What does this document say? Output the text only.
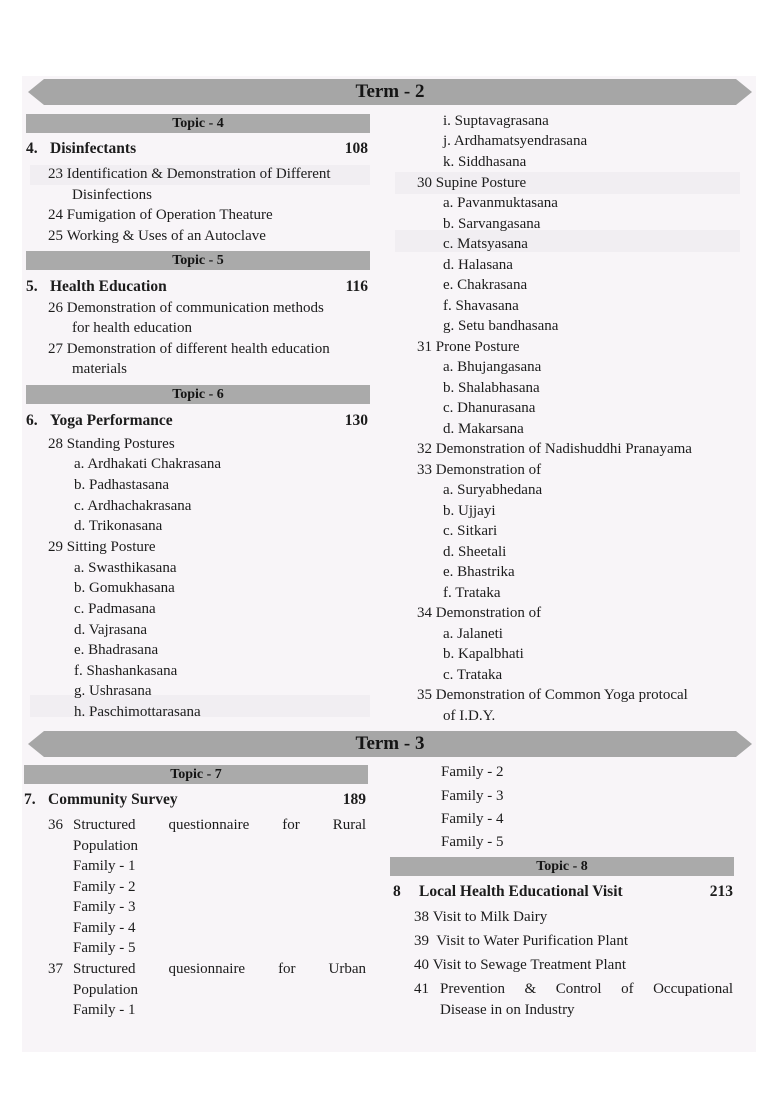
Term - 2
Topic - 4
4. Disinfectants	108
23 Identification & Demonstration of Different
Disinfections
24 Fumigation of Operation Theature
25 Working & Uses of an Autoclave
Topic - 5
5. Health Education	116
26 Demonstration of communication methods
for health education
27 Demonstration of different health education
materials
Topic - 6
6. Yoga Performance	130
28 Standing Postures
a. Ardhakati Chakrasana
b. Padhastasana
c. Ardhachakrasana
d. Trikonasana
29 Sitting Posture
a. Swasthikasana
b. Gomukhasana
c. Padmasana
d. Vajrasana
e. Bhadrasana
f. Shashankasana
g. Ushrasana
h. Paschimottarasana
i. Suptavagrasana
j. Ardhamatsyendrasana
k. Siddhasana
30 Supine Posture
a. Pavanmuktasana
b. Sarvangasana
c. Matsyasana
d. Halasana
e. Chakrasana
f. Shavasana
g. Setu bandhasana
31 Prone Posture
a. Bhujangasana
b. Shalabhasana
c. Dhanurasana
d. Makarsana
32 Demonstration of Nadishuddhi Pranayama
33 Demonstration of
a. Suryabhedana
b. Ujjayi
c. Sitkari
d. Sheetali
e. Bhastrika
f. Trataka
34 Demonstration of
a. Jalaneti
b. Kapalbhati
c. Trataka
35 Demonstration of Common Yoga protocal
of I.D.Y.
Term - 3
Topic - 7
7. Community Survey	189
36 Structured questionnaire for Rural
Population
Family - 1
Family - 2
Family - 3
Family - 4
Family - 5
37 Structured quesionnaire for Urban
Population
Family - 1
Family - 2
Family - 3
Family - 4
Family - 5
Topic - 8
8 Local Health Educational Visit	213
38 Visit to Milk Dairy
39  Visit to Water Purification Plant
40 Visit to Sewage Treatment Plant
41 Prevention & Control of Occupational
Disease in on Industry
